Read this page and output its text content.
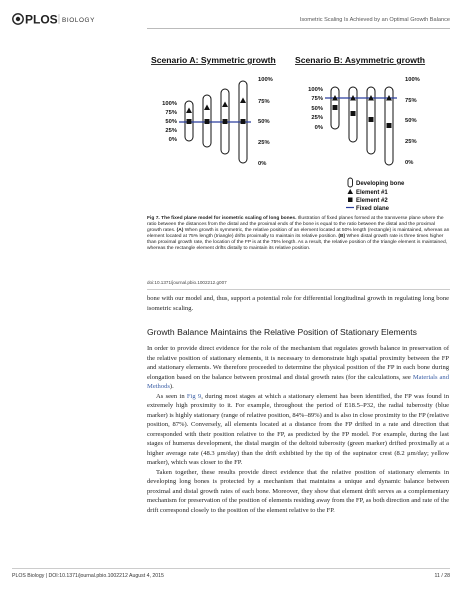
PLOS BIOLOGY	Isometric Scaling Is Achieved by an Optimal Growth Balance
Scenario A: Symmetric growth Scenario B: Asymmetric growth
100%
75%
50%
25%
0%
100%
75%
50%
25%
0%
100%
75%
50%
25%
0%
100%
75%
50%
25%
0%
Developing bone
Element #1
Element #2
Fixed plane
Fig 7. The fixed plane model for isometric scaling of long bones. Illustration of fixed planes formed at the transverse plane where the ratio between the distances from the distal and the proximal ends of the bone is equal to the ratio between the distal and the proximal growth rates. (A) When growth is symmetric, the relative position of an element located at 50% length (rectangle) is maintained, whereas an element located at 75% length (triangle) drifts proximally to maintain its relative position. (B) When distal growth rate is three times higher than proximal growth rate, the location of the FP is at the 75% length. As a result, the relative position of the triangle element is maintained, whereas the rectangle element drifts distally to maintain its relative position.
doi:10.1371/journal.pbio.1002212.g007

bone with our model and, thus, support a potential role for differential longitudinal growth in regulating long bone isometric scaling.

Growth Balance Maintains the Relative Position of Stationary Elements

In order to provide direct evidence for the role of the mechanism that regulates growth balance in preservation of the relative position of stationary elements, it is necessary to demonstrate high spatial proximity between the FP and stationary elements. We therefore proceeded to determine the physical position of the FP in each bone during elongation based on the balance between proximal and distal growth rates (for the calculations, see Materials and Methods).

As seen in Fig 9, during most stages at which a stationary element has been identified, the FP was found in extremely high proximity to it. For example, throughout the period of E18.5–P32, the radial tuberosity (blue marker) is highly stationary (range of relative position, 84%–89%) and is also in close proximity to the FP (relative position, 87%). Conversely, all elements located at a distance from the FP drifted in a rate and direction that corresponded with their position relative to the FP, as predicted by the FP model. For example, during the last stages of humerus development, the distal margin of the deltoid tuberosity (green marker) drifted proximally at a higher average rate (48.3 μm/day) than the drift exhibited by the tip of the supinator crest (8.2 μm/day; yellow marker), which was closer to the FP.

Taken together, these results provide direct evidence that the relative position of stationary elements in developing long bones is protected by a mechanism that maintains a unique and dynamic balance between proximal and distal growth rates of each bone. Moreover, they show that element drift serves as a complementary mechanism for preservation of the position of elements residing away from the FP, as both direction and rate of the drift correspond closely to the position of the element relative to the FP.

PLOS Biology | DOI:10.1371/journal.pbio.1002212 August 4, 2015	11 / 28
